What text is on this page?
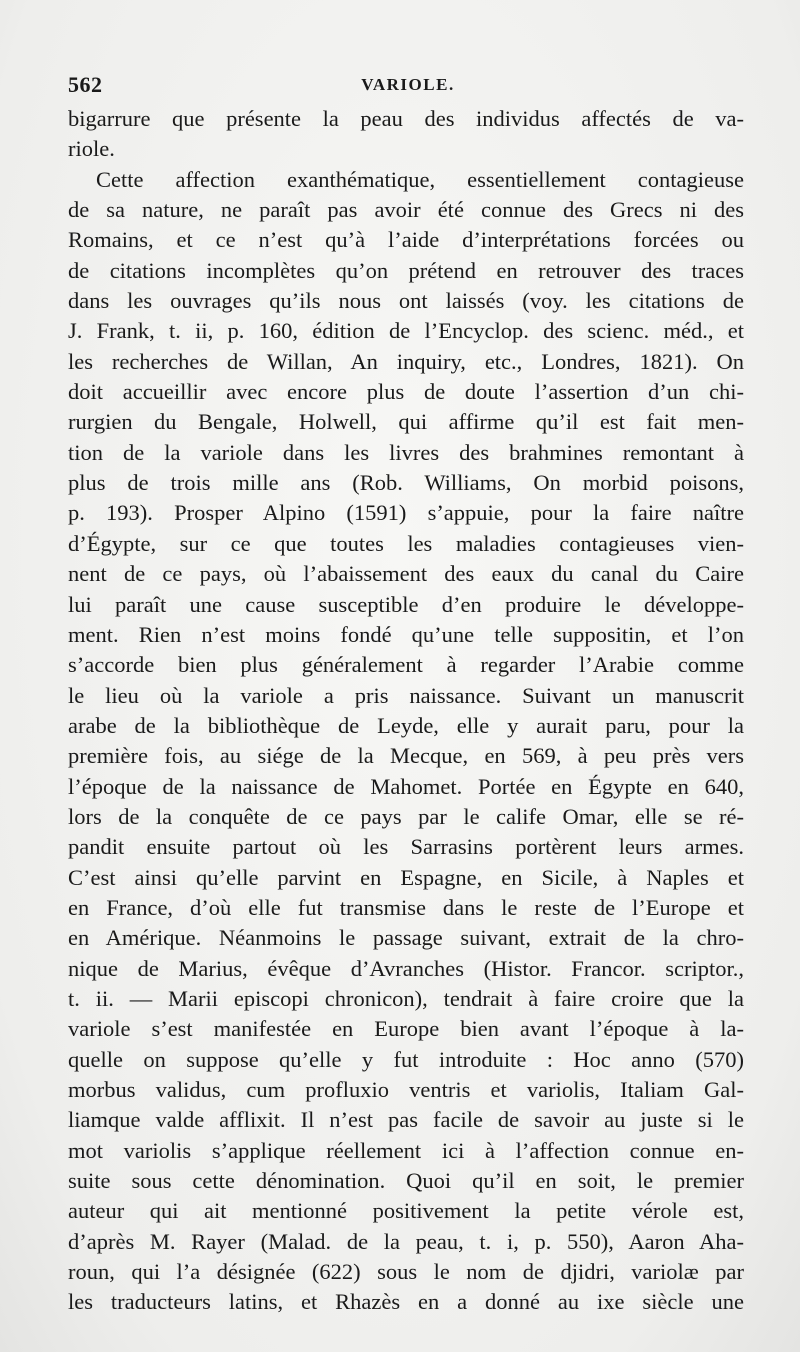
562	VARIOLE.
bigarrure que présente la peau des individus affectés de va-
riole.
Cette affection exanthématique, essentiellement contagieuse
de sa nature, ne paraît pas avoir été connue des Grecs ni des
Romains, et ce n’est qu’à l’aide d’interprétations forcées ou
de citations incomplètes qu’on prétend en retrouver des traces
dans les ouvrages qu’ils nous ont laissés (voy. les citations de
J. Frank, t. ii, p. 160, édition de l’Encyclop. des scienc. méd., et
les recherches de Willan, An inquiry, etc., Londres, 1821). On
doit accueillir avec encore plus de doute l’assertion d’un chi-
rurgien du Bengale, Holwell, qui affirme qu’il est fait men-
tion de la variole dans les livres des brahmines remontant à
plus de trois mille ans (Rob. Williams, On morbid poisons,
p. 193). Prosper Alpino (1591) s’appuie, pour la faire naître
d’Égypte, sur ce que toutes les maladies contagieuses vien-
nent de ce pays, où l’abaissement des eaux du canal du Caire
lui paraît une cause susceptible d’en produire le développe-
ment. Rien n’est moins fondé qu’une telle suppositin, et l’on
s’accorde bien plus généralement à regarder l’Arabie comme
le lieu où la variole a pris naissance. Suivant un manuscrit
arabe de la bibliothèque de Leyde, elle y aurait paru, pour la
première fois, au siége de la Mecque, en 569, à peu près vers
l’époque de la naissance de Mahomet. Portée en Égypte en 640,
lors de la conquête de ce pays par le calife Omar, elle se ré-
pandit ensuite partout où les Sarrasins portèrent leurs armes.
C’est ainsi qu’elle parvint en Espagne, en Sicile, à Naples et
en France, d’où elle fut transmise dans le reste de l’Europe et
en Amérique. Néanmoins le passage suivant, extrait de la chro-
nique de Marius, évêque d’Avranches (Histor. Francor. scriptor.,
t. ii. — Marii episcopi chronicon), tendrait à faire croire que la
variole s’est manifestée en Europe bien avant l’époque à la-
quelle on suppose qu’elle y fut introduite : Hoc anno (570)
morbus validus, cum profluxio ventris et variolis, Italiam Gal-
liamque valde afflixit. Il n’est pas facile de savoir au juste si le
mot variolis s’applique réellement ici à l’affection connue en-
suite sous cette dénomination. Quoi qu’il en soit, le premier
auteur qui ait mentionné positivement la petite vérole est,
d’après M. Rayer (Malad. de la peau, t. i, p. 550), Aaron Aha-
roun, qui l’a désignée (622) sous le nom de djidri, variolæ par
les traducteurs latins, et Rhazès en a donné au ixe siècle une
